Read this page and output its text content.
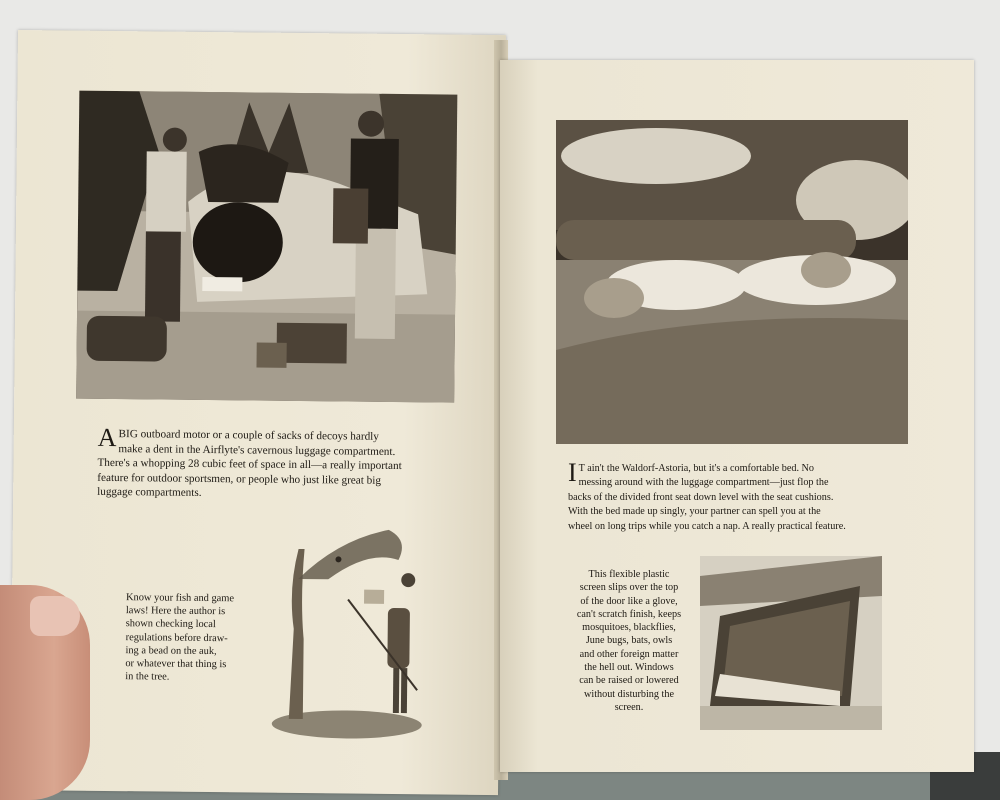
A BIG outboard motor or a couple of sacks of decoys hardly
make a dent in the Airflyte's cavernous luggage compartment.
There's a whopping 28 cubic feet of space in all—a really important
feature for outdoor sportsmen, or people who just like great big
luggage compartments.
Know your fish and game
laws! Here the author is
shown checking local
regulations before draw-
ing a bead on the auk,
or whatever that thing is
in the tree.
I T ain't the Waldorf-Astoria, but it's a comfortable bed. No
messing around with the luggage compartment—just flop the
backs of the divided front seat down level with the seat cushions.
With the bed made up singly, your partner can spell you at the
wheel on long trips while you catch a nap. A really practical feature.
This flexible plastic
screen slips over the top
of the door like a glove,
can't scratch finish, keeps
mosquitoes, blackflies,
June bugs, bats, owls
and other foreign matter
the hell out. Windows
can be raised or lowered
without disturbing the
screen.
